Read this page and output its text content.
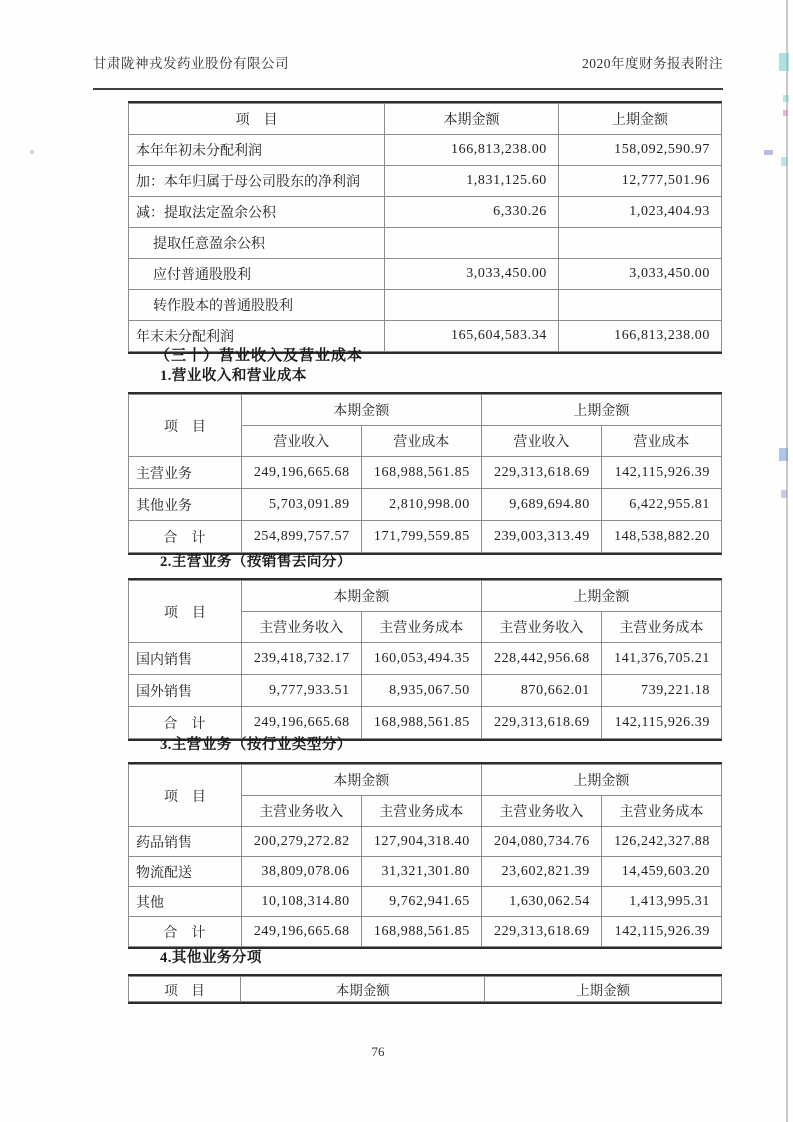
甘肃陇神戎发药业股份有限公司	2020年度财务报表附注
项　目	本期金额	上期金额
本年年初未分配利润	166,813,238.00	158,092,590.97
加：本年归属于母公司股东的净利润	1,831,125.60	12,777,501.96
减：提取法定盈余公积	6,330.26	1,023,404.93
提取任意盈余公积		
应付普通股股利	3,033,450.00	3,033,450.00
转作股本的普通股股利		
年末未分配利润	165,604,583.34	166,813,238.00
（三十）营业收入及营业成本
1.营业收入和营业成本
项　目	本期金额		上期金额	
	营业收入	营业成本	营业收入	营业成本
主营业务	249,196,665.68	168,988,561.85	229,313,618.69	142,115,926.39
其他业务	5,703,091.89	2,810,998.00	9,689,694.80	6,422,955.81
合　计	254,899,757.57	171,799,559.85	239,003,313.49	148,538,882.20
2.主营业务（按销售去向分）
项　目	本期金额		上期金额	
	主营业务收入	主营业务成本	主营业务收入	主营业务成本
国内销售	239,418,732.17	160,053,494.35	228,442,956.68	141,376,705.21
国外销售	9,777,933.51	8,935,067.50	870,662.01	739,221.18
合　计	249,196,665.68	168,988,561.85	229,313,618.69	142,115,926.39
3.主营业务（按行业类型分）
项　目	本期金额		上期金额	
	主营业务收入	主营业务成本	主营业务收入	主营业务成本
药品销售	200,279,272.82	127,904,318.40	204,080,734.76	126,242,327.88
物流配送	38,809,078.06	31,321,301.80	23,602,821.39	14,459,603.20
其他	10,108,314.80	9,762,941.65	1,630,062.54	1,413,995.31
合　计	249,196,665.68	168,988,561.85	229,313,618.69	142,115,926.39
4.其他业务分项
项　目	本期金额	上期金额
76
